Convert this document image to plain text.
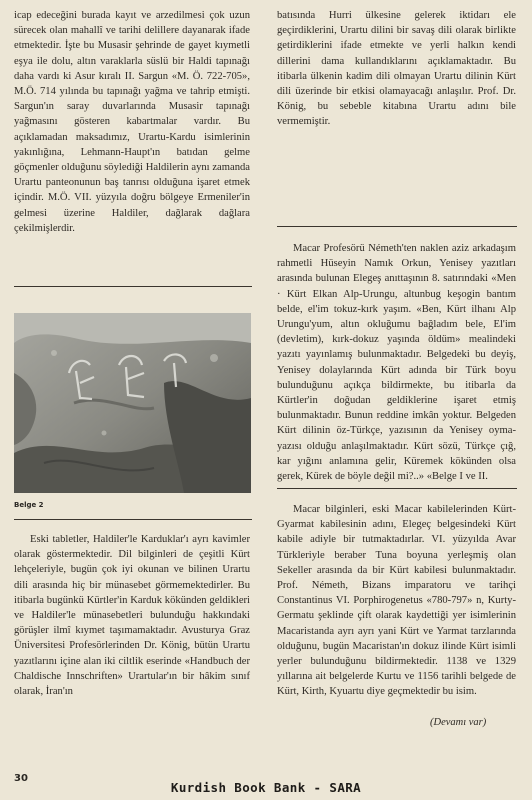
icap edeceğini burada kayıt ve arzedilmesi çok uzun sürecek olan mahallî ve tarihi delillere dayanarak ifade etmektedir. İşte bu Musasir şehrinde de gayet kıymetli eşya ile dolu, altın varaklarla süslü bir Haldi tapınağı daha vardı ki Asur kıralı II. Sargun «M. Ö. 722-705», M.Ö. 714 yılında bu tapınağı yağma ve tahrip etmişti. Sargun'ın saray duvarlarında Musasir tapınağı yağmasını gösteren kabartmalar vardır. Bu açıklamadan maksadımız, Urartu-Kardu isimlerinin yakınlığına, Lehmann-Haupt'ın batıdan gelme göçmenler olduğunu söylediği Haldilerin aynı zamanda Urartu panteonunun baş tanrısı olduğuna işaret etmek içindir. M.Ö. VII. yüzyıla doğru bölgeye Ermeniler'in gelmesi üzerine Haldiler, dağlarak dağlara çekilmişlerdir.

Belge 2

Eski tabletler, Haldiler'le Karduklar'ı ayrı kavimler olarak göstermektedir. Dil bilginleri de çeşitli Kürt lehçeleriyle, bugün çok iyi okunan ve bilinen Urartu dili arasında hiç bir münasebet görmemektedirler. Bu itibarla bugünkü Kürtler'in Karduk kökünden geldikleri ve Haldiler'le münasebetleri bulunduğu hakkındaki görüşler ilmî kıymet taşımamaktadır. Avusturya Graz Üniversitesi Profesörlerinden Dr. König, bütün Urartu yazıtlarını içine alan iki ciltlik eserinde «Handbuch der Chaldische Innschriften» Urartular'ın bir hâkim sınıf olarak, İran'ın

batısında Hurri ülkesine gelerek iktidarı ele geçirdiklerini, Urartu dilini bir savaş dili olarak birlikte getirdiklerini ifade etmekte ve yerli halkın kendi dillerini dama kullandıklarını açıklamaktadır. Bu itibarla ülkenin kadim dili olmayan Urartu dilinin Kürt dili üzerinde bir etkisi olamayacağı anlaşılır. Prof. Dr. König, bu sebeble kitabına Urartu adını bile vermemiştir.

Macar Profesörü Németh'ten naklen aziz arkadaşım rahmetli Hüseyin Namık Orkun, Yenisey yazıtları arasında bulunan Elegeş anıttaşının 8. satırındaki «Men · Kürt Elkan Alp-Urungu, altunbug keşogin bantım belde, el'im tokuz-kırk yaşım. «Ben, Kürt ilhanı Alp Urungu'yum, altın okluğumu bağladım bele, El'im (devletim), kırk-dokuz yaşında öldüm» mealindeki yazıtı yayınlamış bulunmaktadır. Belgedeki bu deyiş, Yenisey dolaylarında Kürt adında bir Türk boyu bulunduğunu açıkça bildirmekte, bu itibarla da Kürtler'in doğudan geldiklerine işaret etmiş bulunmaktadır. Bunun reddine imkân yoktur. Belgeden Kürt dilinin öz-Türkçe, yazısının da Yenisey oyma-yazısı olduğu anlaşılmaktadır. Kürt sözü, Türkçe çığ, kar yığını anlamına gelir, Küremek kökünden olsa gerek, Kürek de böyle değil mi?..» «Belge I ve II.

Macar bilginleri, eski Macar kabilelerinden Kürt-Gyarmat kabilesinin adını, Elegeç belgesindeki Kürt kabile adiyle bir tutmaktadırlar. VI. yüzyılda Avar Türkleriyle beraber Tuna boyuna yerleşmiş olan Sekeller arasında da bir Kürt kabilesi bulunmaktadır. Prof. Németh, Bizans imparatoru ve tarihçi Constantinus VI. Porphirogenetus «780-797» n, Kurty-Germatu şeklinde çift olarak kaydettiği yer isimlerinin Macaristanda ayrı ayrı yani Kürt ve Yarmat tarzlarında olduğunu, bugün Macaristan'ın dokuz ilinde Kürt isimli yerler bulunduğunu bildirmektedir. 1138 ve 1329 yıllarına ait belgelerde Kurtu ve 1156 tarihli belgede de Kürt, Kirth, Kyuartu diye geçmektedir bu isim.

(Devamı var)
30
Kurdish Book Bank - SARA
